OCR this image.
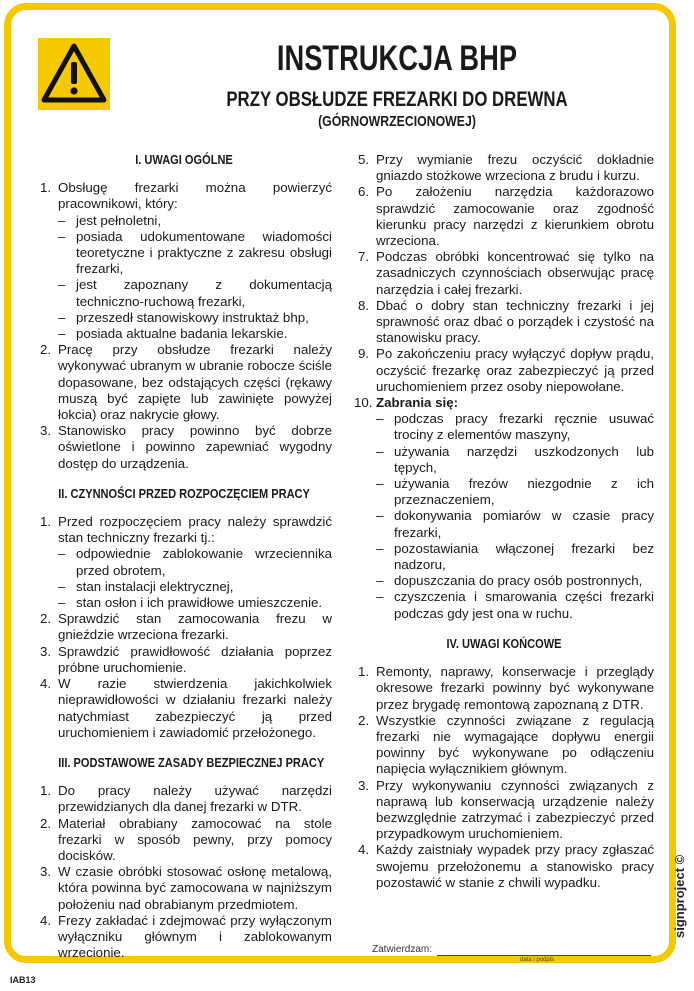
INSTRUKCJA BHP
PRZY OBSŁUDZE FREZARKI DO DREWNA
(GÓRNOWRZECIONOWEJ)
I. UWAGI OGÓLNE
1. Obsługę frezarki można powierzyć pracownikowi, który:
– jest pełnoletni,
– posiada udokumentowane wiadomości teoretyczne i praktyczne z zakresu obsługi frezarki,
– jest zapoznany z dokumentacją techniczno-ruchową frezarki,
– przeszedł stanowiskowy instruktaż bhp,
– posiada aktualne badania lekarskie.
2. Pracę przy obsłudze frezarki należy wykonywać ubranym w ubranie robocze ściśle dopasowane, bez odstających części (rękawy muszą być zapięte lub zawinięte powyżej łokcia) oraz nakrycie głowy.
3. Stanowisko pracy powinno być dobrze oświetlone i powinno zapewniać wygodny dostęp do urządzenia.
II. CZYNNOŚCI PRZED ROZPOCZĘCIEM PRACY
1. Przed rozpoczęciem pracy należy sprawdzić stan techniczny frezarki tj.:
– odpowiednie zablokowanie wrzeciennika przed obrotem,
– stan instalacji elektrycznej,
– stan osłon i ich prawidłowe umieszczenie.
2. Sprawdzić stan zamocowania frezu w gnieździe wrzeciona frezarki.
3. Sprawdzić prawidłowość działania poprzez próbne uruchomienie.
4. W razie stwierdzenia jakichkolwiek nieprawidłowości w działaniu frezarki należy natychmiast zabezpieczyć ją przed uruchomieniem i zawiadomić przełożonego.
III. PODSTAWOWE ZASADY BEZPIECZNEJ PRACY
1. Do pracy należy używać narzędzi przewidzianych dla danej frezarki w DTR.
2. Materiał obrabiany zamocować na stole frezarki w sposób pewny, przy pomocy docisków.
3. W czasie obróbki stosować osłonę metalową, która powinna być zamocowana w najniższym położeniu nad obrabianym przedmiotem.
4. Frezy zakładać i zdejmować przy wyłączonym wyłączniku głównym i zablokowanym wrzecionie.
5. Przy wymianie frezu oczyścić dokładnie gniazdo stożkowe wrzeciona z brudu i kurzu.
6. Po założeniu narzędzia każdorazowo sprawdzić zamocowanie oraz zgodność kierunku pracy narzędzi z kierunkiem obrotu wrzeciona.
7. Podczas obróbki koncentrować się tylko na zasadniczych czynnościach obserwując pracę narzędzia i całej frezarki.
8. Dbać o dobry stan techniczny frezarki i jej sprawność oraz dbać o porządek i czystość na stanowisku pracy.
9. Po zakończeniu pracy wyłączyć dopływ prądu, oczyścić frezarkę oraz zabezpieczyć ją przed uruchomieniem przez osoby niepowołane.
10. Zabrania się:
– podczas pracy frezarki ręcznie usuwać trociny z elementów maszyny,
– używania narzędzi uszkodzonych lub tępych,
– używania frezów niezgodnie z ich przeznaczeniem,
– dokonywania pomiarów w czasie pracy frezarki,
– pozostawiania włączonej frezarki bez nadzoru,
– dopuszczania do pracy osób postronnych,
– czyszczenia i smarowania części frezarki podczas gdy jest ona w ruchu.
IV. UWAGI KOŃCOWE
1. Remonty, naprawy, konserwacje i przeglądy okresowe frezarki powinny być wykonywane przez brygadę remontową zapoznaną z DTR.
2. Wszystkie czynności związane z regulacją frezarki nie wymagające dopływu energii powinny być wykonywane po odłączeniu napięcia wyłącznikiem głównym.
3. Przy wykonywaniu czynności związanych z naprawą lub konserwacją urządzenie należy bezwzględnie zatrzymać i zabezpieczyć przed przypadkowym uruchomieniem.
4. Każdy zaistniały wypadek przy pracy zgłaszać swojemu przełożonemu a stanowisko pracy pozostawić w stanie z chwili wypadku.
Zatwierdzam:
data i podpis
IAB13
signproject ©
